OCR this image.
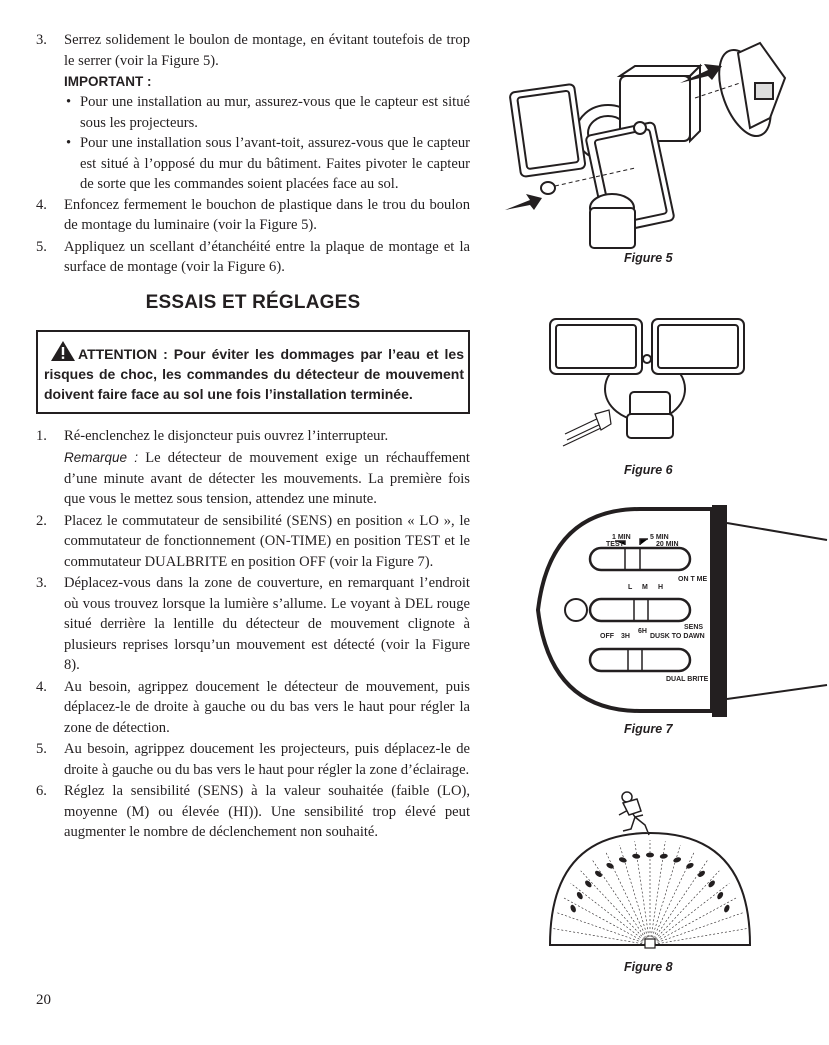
3. Serrez solidement le boulon de montage, en évitant toutefois de trop le serrer (voir la Figure 5).
IMPORTANT :
• Pour une installation au mur, assurez-vous que le capteur est situé sous les projecteurs.
• Pour une installation sous l’avant-toit, assurez-vous que le capteur est situé à l’opposé du mur du bâtiment. Faites pivoter le capteur de sorte que les commandes soient placées face au sol.
4. Enfoncez fermement le bouchon de plastique dans le trou du boulon de montage du luminaire (voir la Figure 5).
5. Appliquez un scellant d’étanchéité entre la plaque de montage et la surface de montage (voir la Figure 6).
ESSAIS ET RÉGLAGES
ATTENTION : Pour éviter les dommages par l’eau et les risques de choc, les commandes du détecteur de mouvement doivent faire face au sol une fois l’installation terminée.
1. Ré-enclenchez le disjoncteur puis ouvrez l’interrupteur.
Remarque : Le détecteur de mouvement exige un réchauffement d’une minute avant de détecter les mouvements. La première fois que vous le mettez sous tension, attendez une minute.
2. Placez le commutateur de sensibilité (SENS) en position « LO », le commutateur de fonctionnement (ON-TIME) en position TEST et le commutateur DUALBRITE en position OFF (voir la Figure 7).
3. Déplacez-vous dans la zone de couverture, en remarquant l’endroit où vous trouvez lorsque la lumière s’allume. Le voyant à DEL rouge situé derrière la lentille du détecteur de mouvement clignote à plusieurs reprises lorsqu’un mouvement est détecté (voir la Figure 8).
4. Au besoin, agrippez doucement le détecteur de mouvement, puis déplacez-le de droite à gauche ou du bas vers le haut pour régler la zone de détection.
5. Au besoin, agrippez doucement les projecteurs, puis déplacez-le de droite à gauche ou du bas vers le haut pour régler la zone d’éclairage.
6. Réglez la sensibilité (SENS) à la valeur souhaitée (faible (LO), moyenne (M) ou élevée (HI)). Une sensibilité trop élevé peut augmenter le nombre de déclenchement non souhaité.
Figure 5
Figure 6
1 MIN
TEST
5 MIN
20 MIN
ON T ME
L M H
SENS
OFF 3H
6H
DUSK TO DAWN
DUAL BRITE
Figure 7
Figure 8
20
